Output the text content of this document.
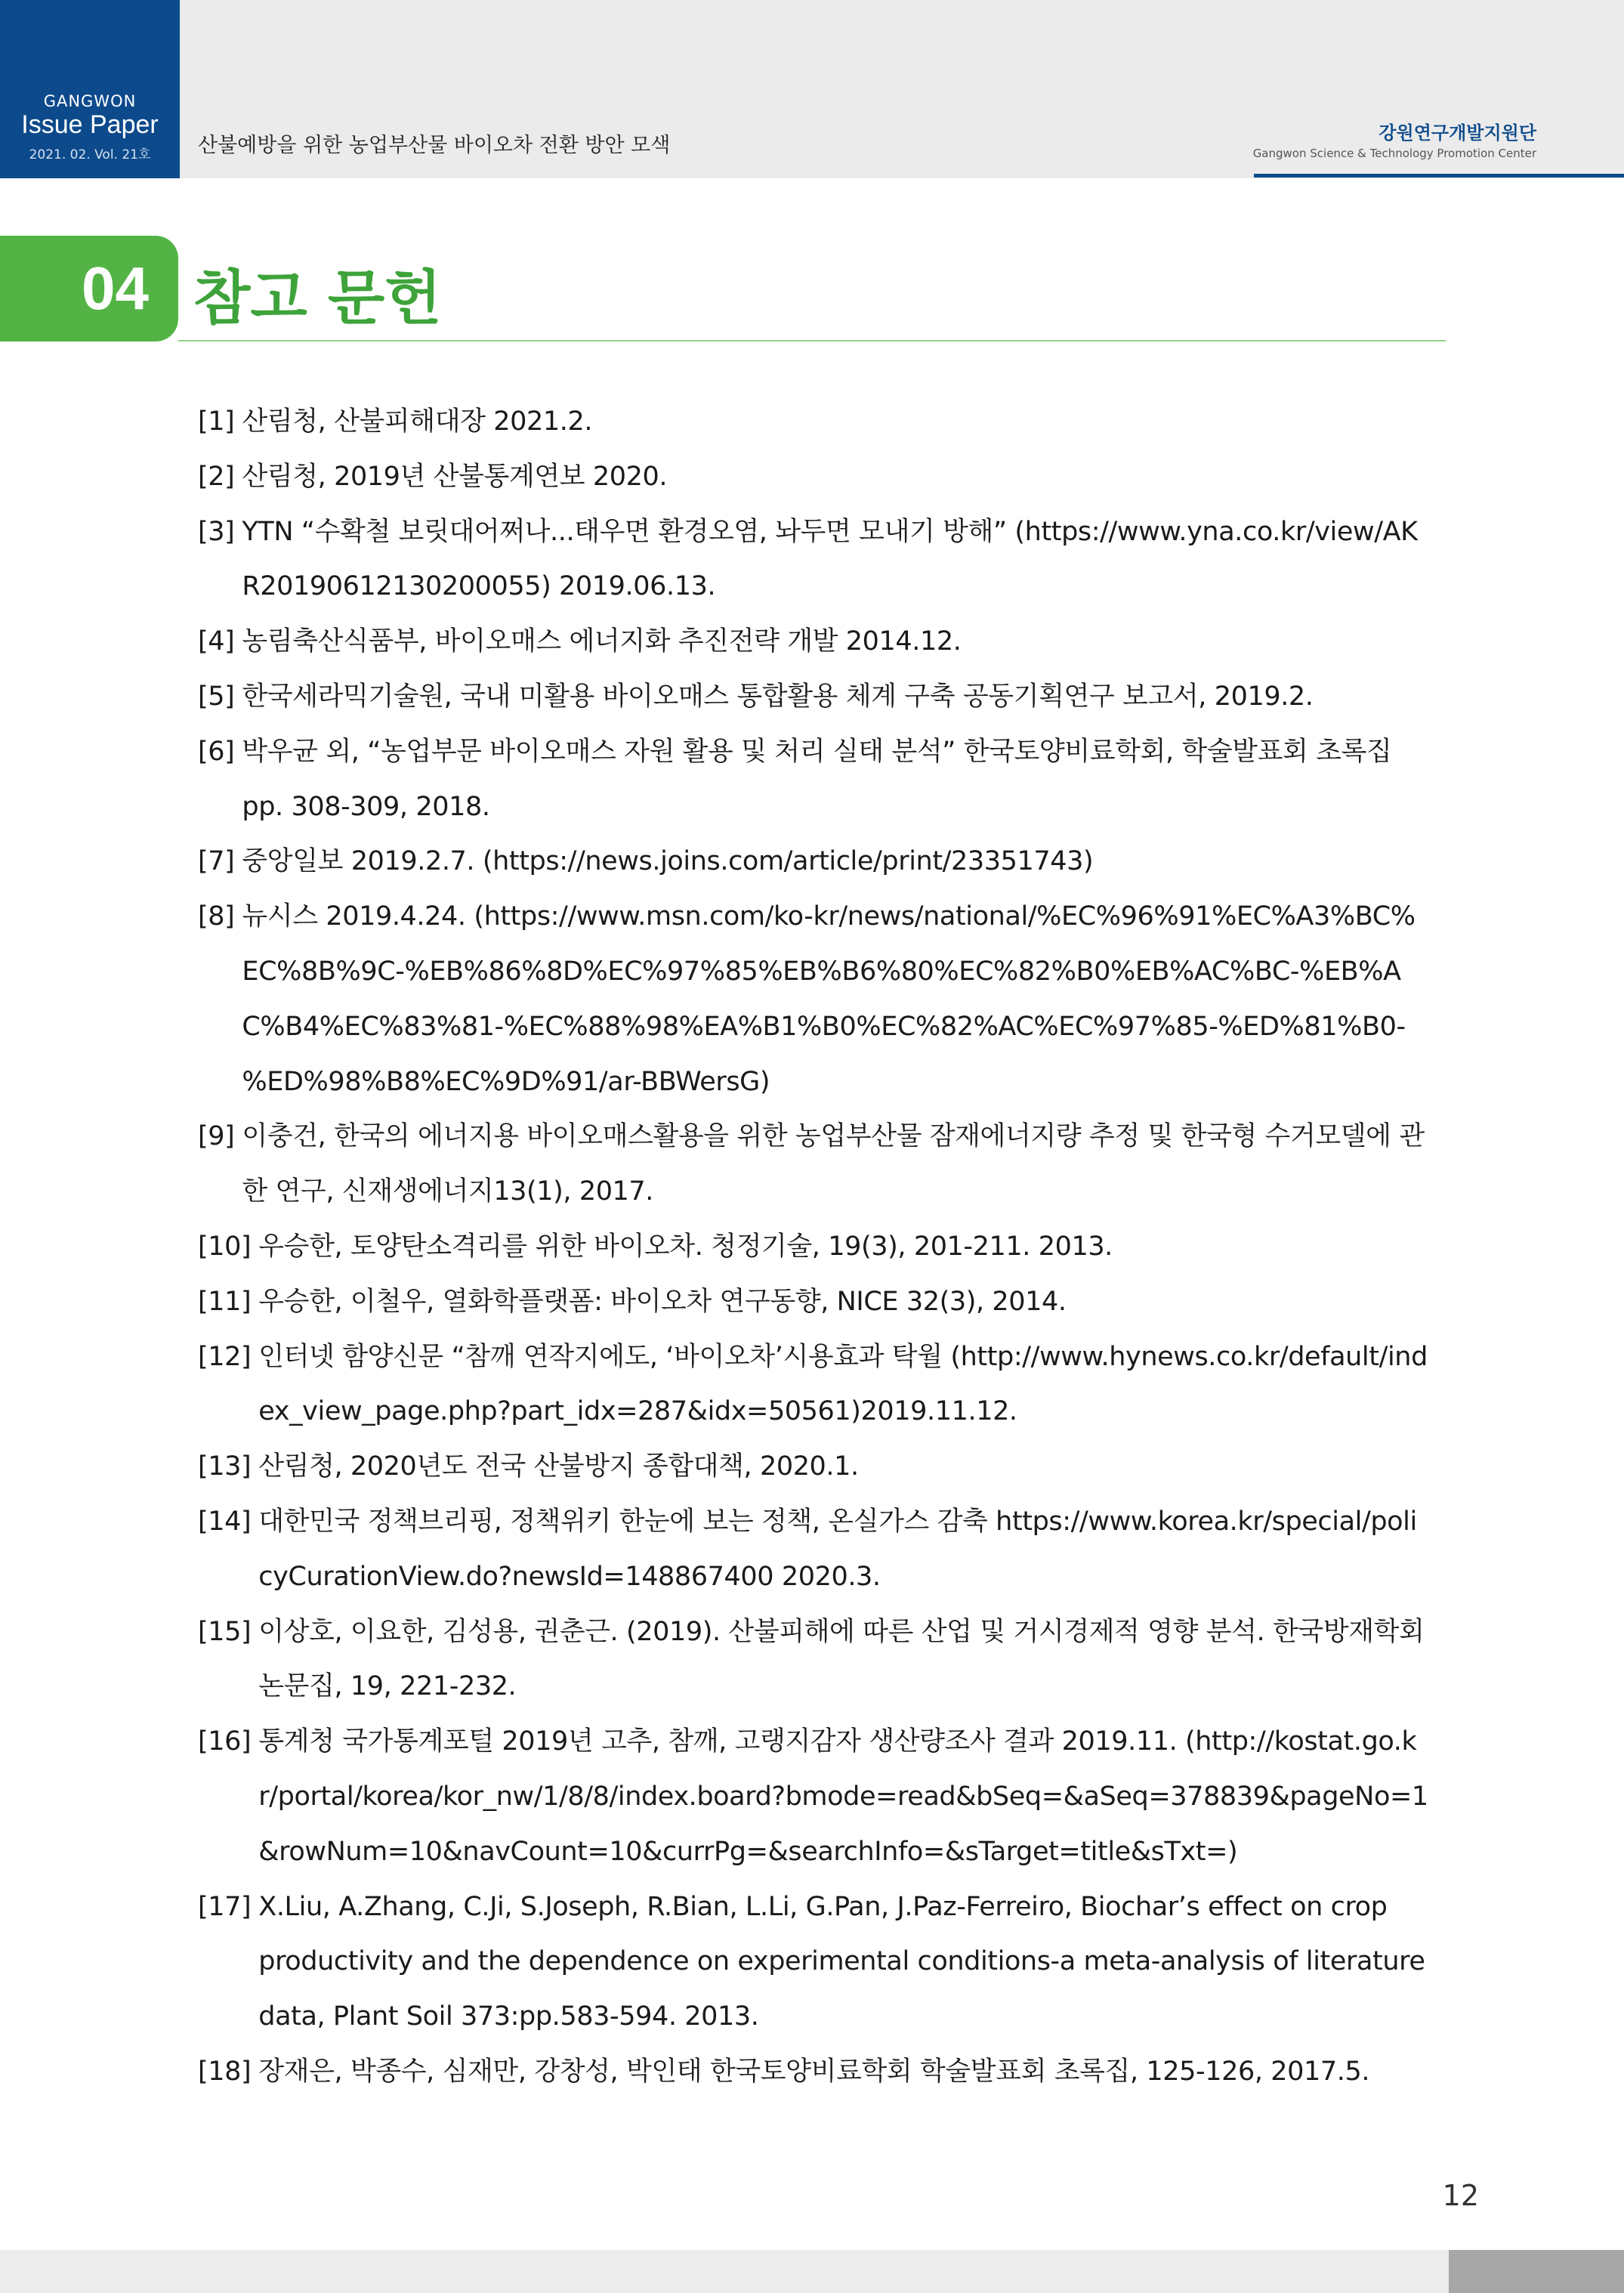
GANGWON
Issue Paper
2021. 02. Vol. 21호	산불예방을 위한 농업부산물 바이오차 전환 방안 모색
강원연구개발지원단
Gangwon Science & Technology Promotion Center
04 참고 문헌
[1] 산림청, 산불피해대장 2021.2.
[2] 산림청, 2019년 산불통계연보 2020.
[3] YTN “수확철 보릿대어쩌나...태우면 환경오염, 놔두면 모내기 방해” (https://www.yna.co.kr/view/AKR20190612130200055) 2019.06.13.
[4] 농림축산식품부, 바이오매스 에너지화 추진전략 개발 2014.12.
[5] 한국세라믹기술원, 국내 미활용 바이오매스 통합활용 체계 구축 공동기획연구 보고서, 2019.2.
[6] 박우균 외, “농업부문 바이오매스 자원 활용 및 처리 실태 분석” 한국토양비료학회, 학술발표회 초록집 pp. 308-309, 2018.
[7] 중앙일보 2019.2.7. (https://news.joins.com/article/print/23351743)
[8] 뉴시스 2019.4.24. (https://www.msn.com/ko-kr/news/national/%EC%96%91%EC%A3%BC%EC%8B%9C-%EB%86%8D%EC%97%85%EB%B6%80%EC%82%B0%EB%AC%BC-%EB%AC%B4%EC%83%81-%EC%88%98%EA%B1%B0%EC%82%AC%EC%97%85-%ED%81%B0-%ED%98%B8%EC%9D%91/ar-BBWersG)
[9] 이충건, 한국의 에너지용 바이오매스활용을 위한 농업부산물 잠재에너지량 추정 및 한국형 수거모델에 관한 연구, 신재생에너지13(1), 2017.
[10] 우승한, 토양탄소격리를 위한 바이오차. 청정기술, 19(3), 201-211. 2013.
[11] 우승한, 이철우, 열화학플랫폼: 바이오차 연구동향, NICE 32(3), 2014.
[12] 인터넷 함양신문 “참깨 연작지에도, ‘바이오차’시용효과 탁월 (http://www.hynews.co.kr/default/index_view_page.php?part_idx=287&idx=50561)2019.11.12.
[13] 산림청, 2020년도 전국 산불방지 종합대책, 2020.1.
[14] 대한민국 정책브리핑, 정책위키 한눈에 보는 정책, 온실가스 감축 https://www.korea.kr/special/policyCurationView.do?newsId=148867400 2020.3.
[15] 이상호, 이요한, 김성용, 권춘근. (2019). 산불피해에 따른 산업 및 거시경제적 영향 분석. 한국방재학회 논문집, 19, 221-232.
[16] 통계청 국가통계포털 2019년 고추, 참깨, 고랭지감자 생산량조사 결과 2019.11. (http://kostat.go.kr/portal/korea/kor_nw/1/8/8/index.board?bmode=read&bSeq=&aSeq=378839&pageNo=1&rowNum=10&navCount=10&currPg=&searchInfo=&sTarget=title&sTxt=)
[17] X.Liu, A.Zhang, C.Ji, S.Joseph, R.Bian, L.Li, G.Pan, J.Paz-Ferreiro, Biochar’s effect on crop productivity and the dependence on experimental conditions-a meta-analysis of literature data, Plant Soil 373:pp.583-594. 2013.
[18] 장재은, 박종수, 심재만, 강창성, 박인태 한국토양비료학회 학술발표회 초록집, 125-126, 2017.5.
12
